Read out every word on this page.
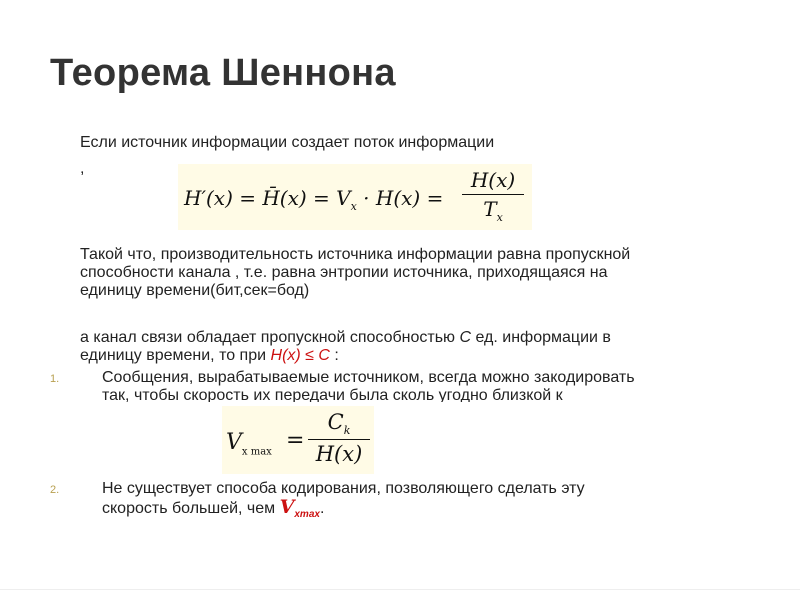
Теорема Шеннона
Если источник информации создает поток информации
,
H′(x) = H̄(x) = $V_x \cdot H(x)$ =
H(x)
$T_x$
Такой что, производительность источника информации равна пропускной
способности канала , т.е. равна энтропии источника, приходящаяся на
единицу времени(бит,сек=бод)
а канал связи обладает пропускной способностью C ед. информации в
единицу времени, то при H(x) ≤ C :
1.	Сообщения, вырабатываемые источником, всегда можно закодировать
так, чтобы скорость их передачи была сколь угодно близкой к
$V_{x max}$ =
$C_k$
H(x)
2.	Не существует способа кодирования, позволяющего сделать эту
скорость большей, чем $V_{xmax}$.
